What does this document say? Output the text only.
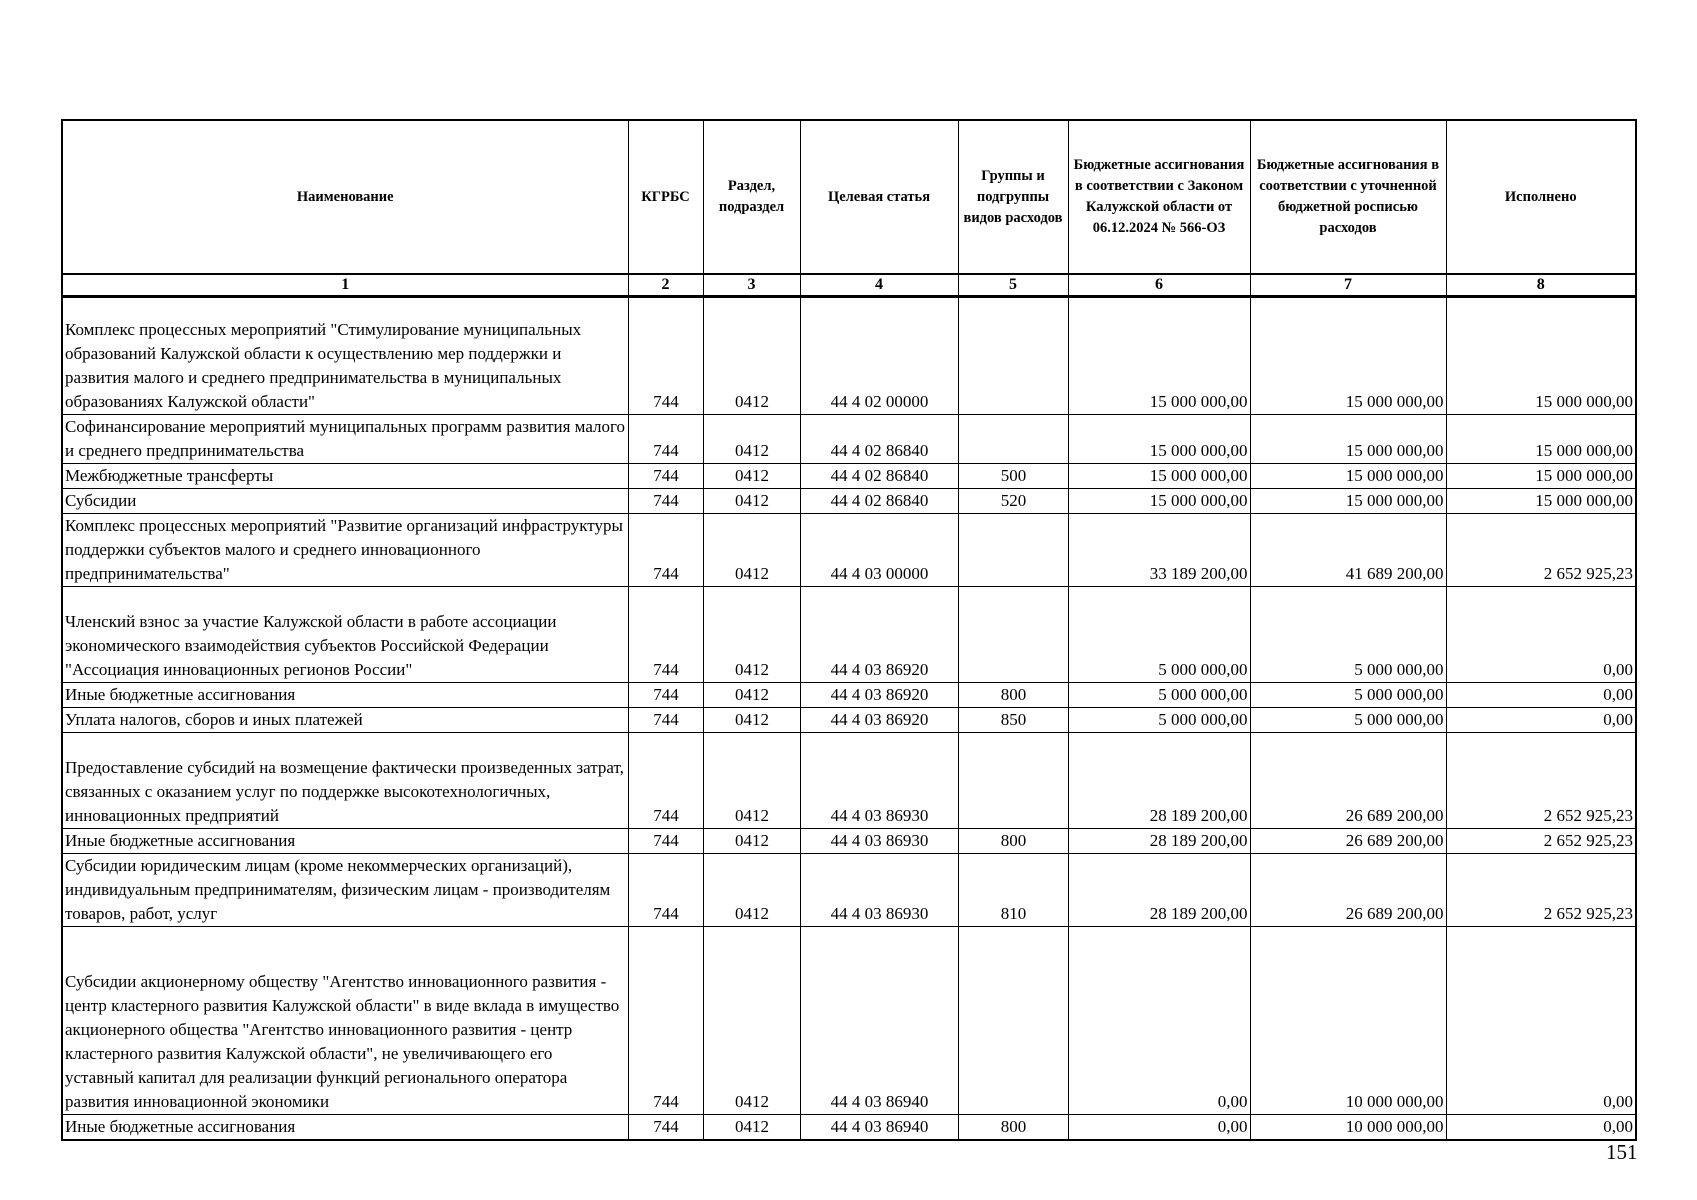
Наименование	КГРБС	Раздел, подраздел	Целевая статья	Группы и подгруппы видов расходов	Бюджетные ассигнования в соответствии с Законом Калужской области от 06.12.2024 № 566-ОЗ	Бюджетные ассигнования в соответствии с уточненной бюджетной росписью расходов	Исполнено
1	2	3	4	5	6	7	8
Комплекс процессных мероприятий "Стимулирование муниципальных образований Калужской области к осуществлению мер поддержки и развития малого и среднего предпринимательства в муниципальных образованиях Калужской области"	744	0412	44 4 02 00000		15 000 000,00	15 000 000,00	15 000 000,00
Софинансирование мероприятий муниципальных программ развития малого и среднего предпринимательства	744	0412	44 4 02 86840		15 000 000,00	15 000 000,00	15 000 000,00
Межбюджетные трансферты	744	0412	44 4 02 86840	500	15 000 000,00	15 000 000,00	15 000 000,00
Субсидии	744	0412	44 4 02 86840	520	15 000 000,00	15 000 000,00	15 000 000,00
Комплекс процессных мероприятий "Развитие организаций инфраструктуры поддержки субъектов малого и среднего инновационного предпринимательства"	744	0412	44 4 03 00000		33 189 200,00	41 689 200,00	2 652 925,23
Членский взнос за участие Калужской области в работе ассоциации экономического взаимодействия субъектов Российской Федерации "Ассоциация инновационных регионов России"	744	0412	44 4 03 86920		5 000 000,00	5 000 000,00	0,00
Иные бюджетные ассигнования	744	0412	44 4 03 86920	800	5 000 000,00	5 000 000,00	0,00
Уплата налогов, сборов и иных платежей	744	0412	44 4 03 86920	850	5 000 000,00	5 000 000,00	0,00
Предоставление субсидий на возмещение фактически произведенных затрат, связанных с оказанием услуг по поддержке высокотехнологичных, инновационных предприятий	744	0412	44 4 03 86930		28 189 200,00	26 689 200,00	2 652 925,23
Иные бюджетные ассигнования	744	0412	44 4 03 86930	800	28 189 200,00	26 689 200,00	2 652 925,23
Субсидии юридическим лицам (кроме некоммерческих организаций), индивидуальным предпринимателям, физическим лицам - производителям товаров, работ, услуг	744	0412	44 4 03 86930	810	28 189 200,00	26 689 200,00	2 652 925,23
Субсидии акционерному обществу "Агентство инновационного развития - центр кластерного развития Калужской области" в виде вклада в имущество акционерного общества "Агентство инновационного развития - центр кластерного развития Калужской области", не увеличивающего его уставный капитал для реализации функций регионального оператора развития инновационной экономики	744	0412	44 4 03 86940		0,00	10 000 000,00	0,00
Иные бюджетные ассигнования	744	0412	44 4 03 86940	800	0,00	10 000 000,00	0,00
151
